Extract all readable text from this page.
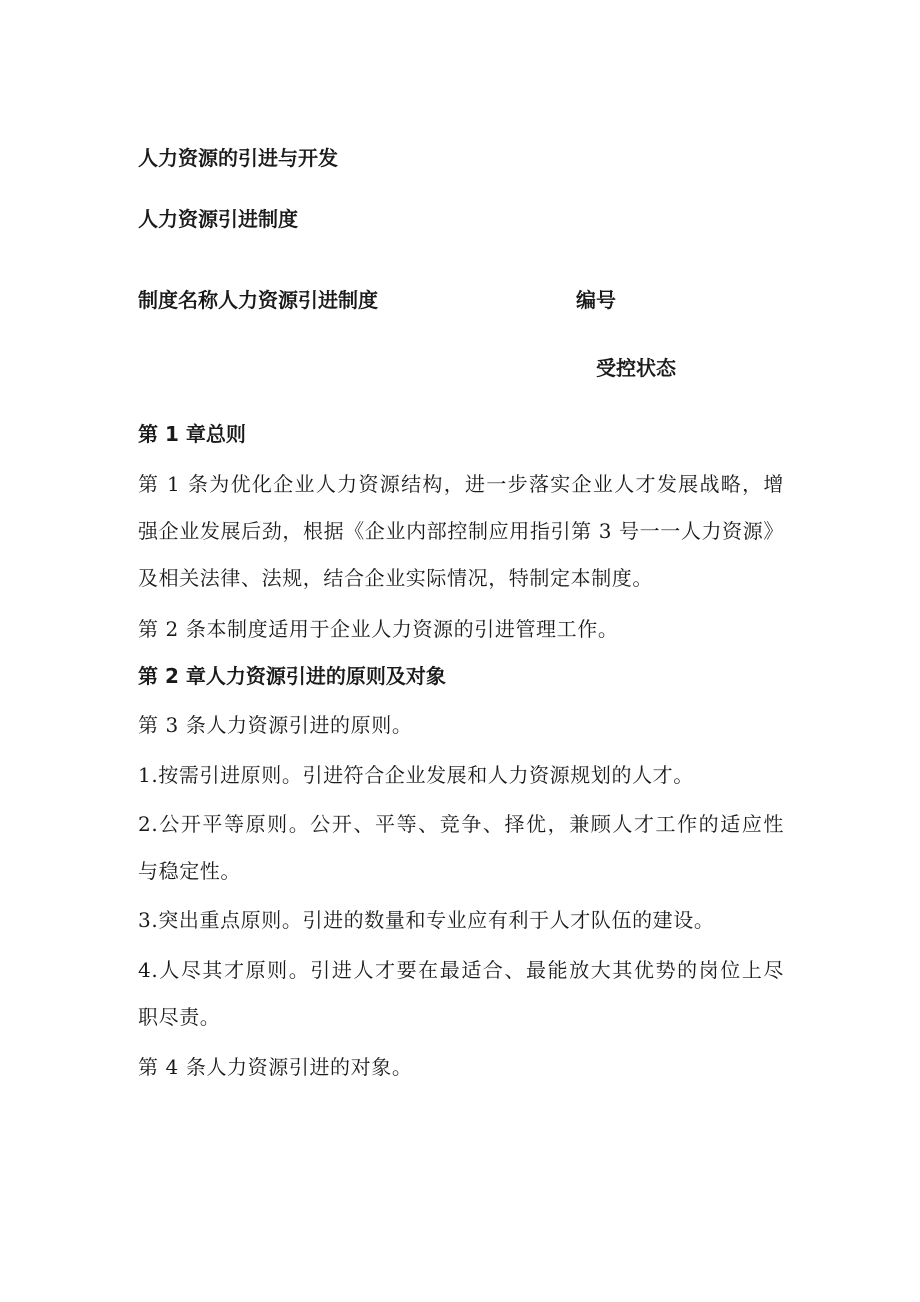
人力资源的引进与开发
人力资源引进制度
制度名称人力资源引进制度	编号
受控状态
第 1 章总则
第 1 条为优化企业人力资源结构，进一步落实企业人才发展战略，增
强企业发展后劲，根据《企业内部控制应用指引第 3 号一一人力资源》
及相关法律、法规，结合企业实际情况，特制定本制度。
第 2 条本制度适用于企业人力资源的引进管理工作。
第 2 章人力资源引进的原则及对象
第 3 条人力资源引进的原则。
1.按需引进原则。引进符合企业发展和人力资源规划的人才。
2.公开平等原则。公开、平等、竞争、择优，兼顾人才工作的适应性
与稳定性。
3.突出重点原则。引进的数量和专业应有利于人才队伍的建设。
4.人尽其才原则。引进人才要在最适合、最能放大其优势的岗位上尽
职尽责。
第 4 条人力资源引进的对象。
